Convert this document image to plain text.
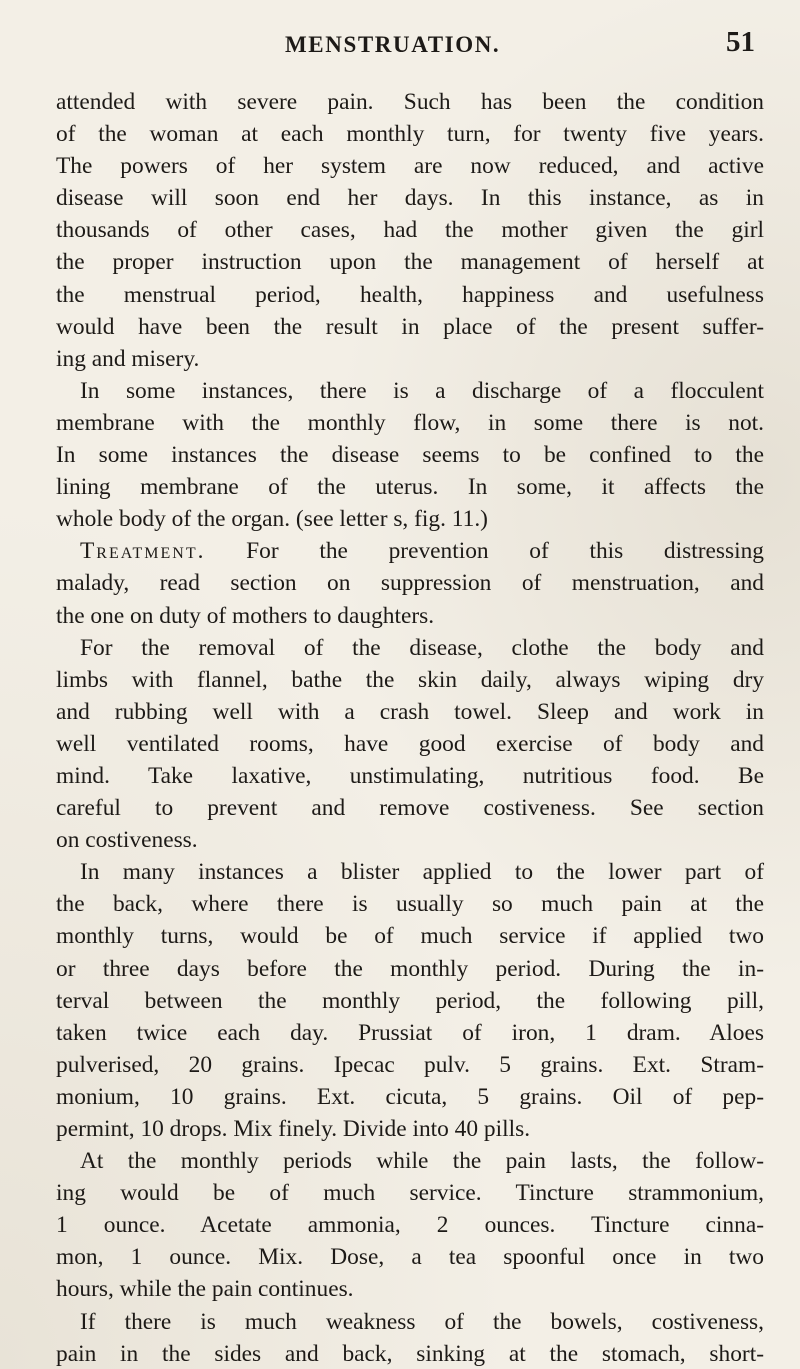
MENSTRUATION.	51
attended with severe pain. Such has been the condition
of the woman at each monthly turn, for twenty five years.
The powers of her system are now reduced, and active
disease will soon end her days. In this instance, as in
thousands of other cases, had the mother given the girl
the proper instruction upon the management of herself at
the menstrual period, health, happiness and usefulness
would have been the result in place of the present suffer-
ing and misery.
In some instances, there is a discharge of a flocculent
membrane with the monthly flow, in some there is not.
In some instances the disease seems to be confined to the
lining membrane of the uterus. In some, it affects the
whole body of the organ. (see letter s, fig. 11.)
Treatment. For the prevention of this distressing
malady, read section on suppression of menstruation, and
the one on duty of mothers to daughters.
For the removal of the disease, clothe the body and
limbs with flannel, bathe the skin daily, always wiping dry
and rubbing well with a crash towel. Sleep and work in
well ventilated rooms, have good exercise of body and
mind. Take laxative, unstimulating, nutritious food. Be
careful to prevent and remove costiveness. See section
on costiveness.
In many instances a blister applied to the lower part of
the back, where there is usually so much pain at the
monthly turns, would be of much service if applied two
or three days before the monthly period. During the in-
terval between the monthly period, the following pill,
taken twice each day. Prussiat of iron, 1 dram. Aloes
pulverised, 20 grains. Ipecac pulv. 5 grains. Ext. Stram-
monium, 10 grains. Ext. cicuta, 5 grains. Oil of pep-
permint, 10 drops. Mix finely. Divide into 40 pills.
At the monthly periods while the pain lasts, the follow-
ing would be of much service. Tincture strammonium,
1 ounce. Acetate ammonia, 2 ounces. Tincture cinna-
mon, 1 ounce. Mix. Dose, a tea spoonful once in two
hours, while the pain continues.
If there is much weakness of the bowels, costiveness,
pain in the sides and back, sinking at the stomach, short-
